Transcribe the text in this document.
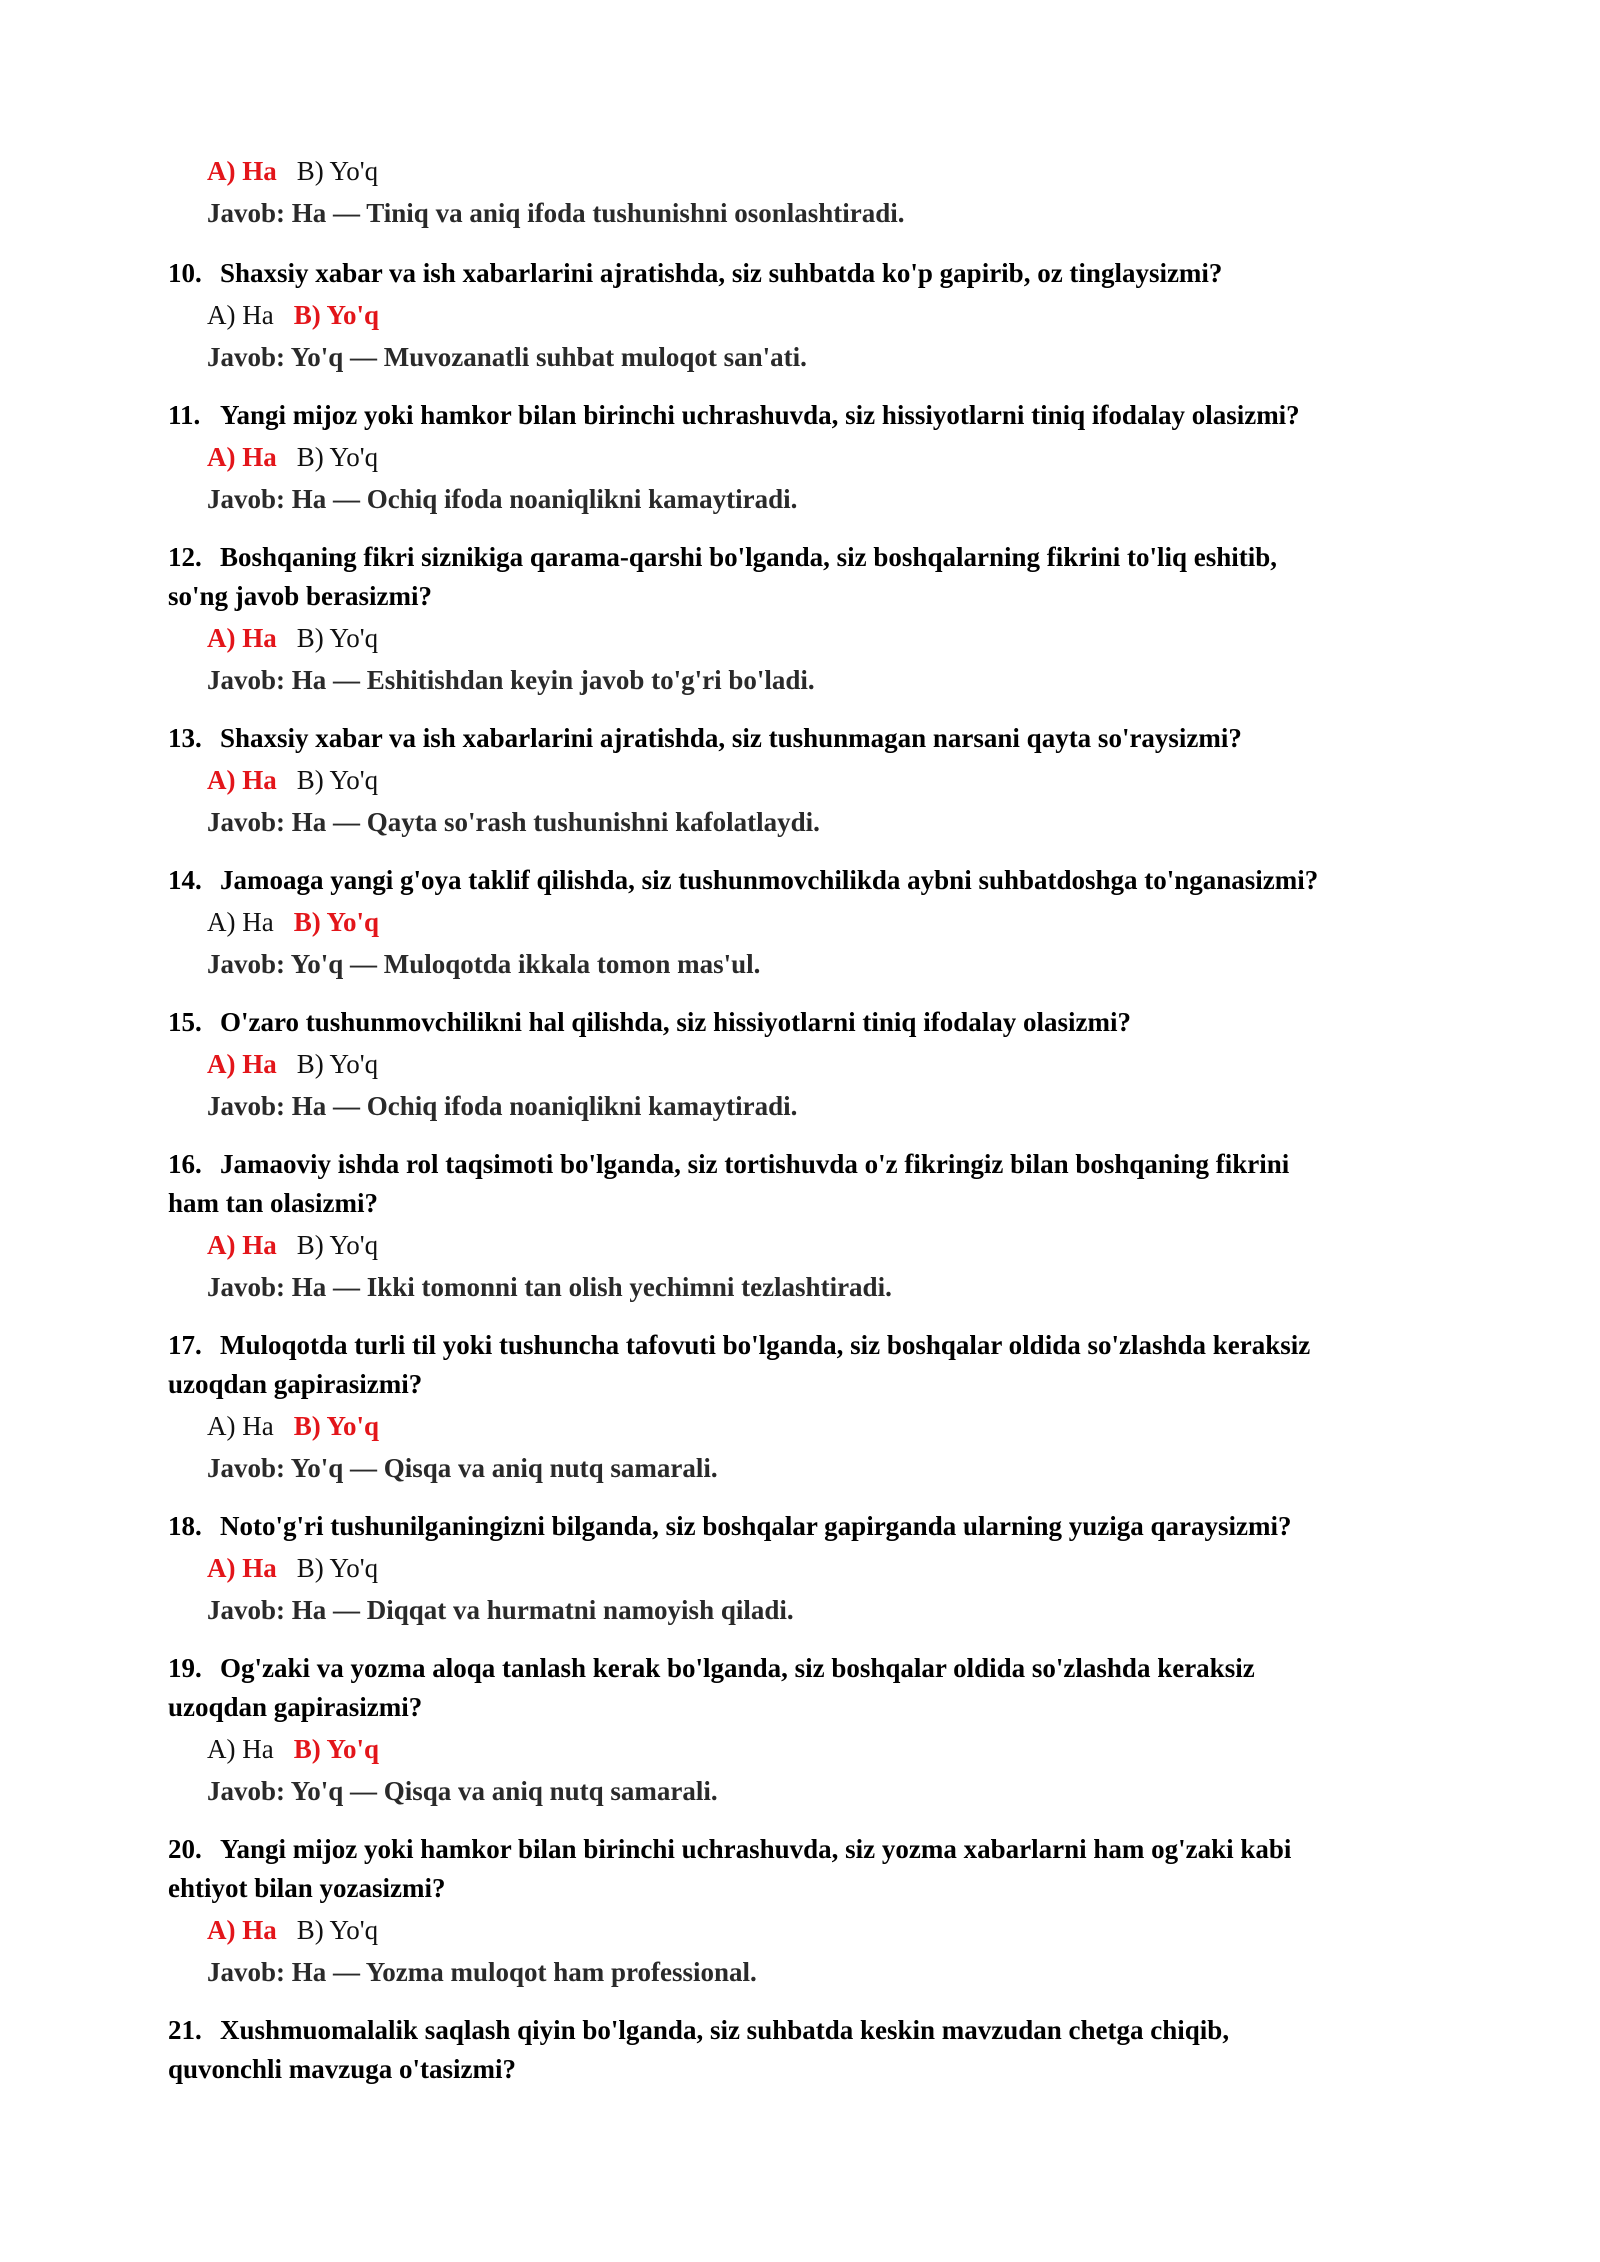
A) Ha B) Yo'q
Javob: Ha — Tiniq va aniq ifoda tushunishni osonlashtiradi.
10. Shaxsiy xabar va ish xabarlarini ajratishda, siz suhbatda ko'p gapirib, oz tinglaysizmi?
A) Ha B) Yo'q
Javob: Yo'q — Muvozanatli suhbat muloqot san'ati.
11. Yangi mijoz yoki hamkor bilan birinchi uchrashuvda, siz hissiyotlarni tiniq ifodalay olasizmi?
A) Ha B) Yo'q
Javob: Ha — Ochiq ifoda noaniqlikni kamaytiradi.
12. Boshqaning fikri siznikiga qarama-qarshi bo'lganda, siz boshqalarning fikrini to'liq eshitib,
so'ng javob berasizmi?
A) Ha B) Yo'q
Javob: Ha — Eshitishdan keyin javob to'g'ri bo'ladi.
13. Shaxsiy xabar va ish xabarlarini ajratishda, siz tushunmagan narsani qayta so'raysizmi?
A) Ha B) Yo'q
Javob: Ha — Qayta so'rash tushunishni kafolatlaydi.
14. Jamoaga yangi g'oya taklif qilishda, siz tushunmovchilikda aybni suhbatdoshga to'nganasizmi?
A) Ha B) Yo'q
Javob: Yo'q — Muloqotda ikkala tomon mas'ul.
15. O'zaro tushunmovchilikni hal qilishda, siz hissiyotlarni tiniq ifodalay olasizmi?
A) Ha B) Yo'q
Javob: Ha — Ochiq ifoda noaniqlikni kamaytiradi.
16. Jamaoviy ishda rol taqsimoti bo'lganda, siz tortishuvda o'z fikringiz bilan boshqaning fikrini
ham tan olasizmi?
A) Ha B) Yo'q
Javob: Ha — Ikki tomonni tan olish yechimni tezlashtiradi.
17. Muloqotda turli til yoki tushuncha tafovuti bo'lganda, siz boshqalar oldida so'zlashda keraksiz
uzoqdan gapirasizmi?
A) Ha B) Yo'q
Javob: Yo'q — Qisqa va aniq nutq samarali.
18. Noto'g'ri tushunilganingizni bilganda, siz boshqalar gapirganda ularning yuziga qaraysizmi?
A) Ha B) Yo'q
Javob: Ha — Diqqat va hurmatni namoyish qiladi.
19. Og'zaki va yozma aloqa tanlash kerak bo'lganda, siz boshqalar oldida so'zlashda keraksiz
uzoqdan gapirasizmi?
A) Ha B) Yo'q
Javob: Yo'q — Qisqa va aniq nutq samarali.
20. Yangi mijoz yoki hamkor bilan birinchi uchrashuvda, siz yozma xabarlarni ham og'zaki kabi
ehtiyot bilan yozasizmi?
A) Ha B) Yo'q
Javob: Ha — Yozma muloqot ham professional.
21. Xushmuomalalik saqlash qiyin bo'lganda, siz suhbatda keskin mavzudan chetga chiqib,
quvonchli mavzuga o'tasizmi?
